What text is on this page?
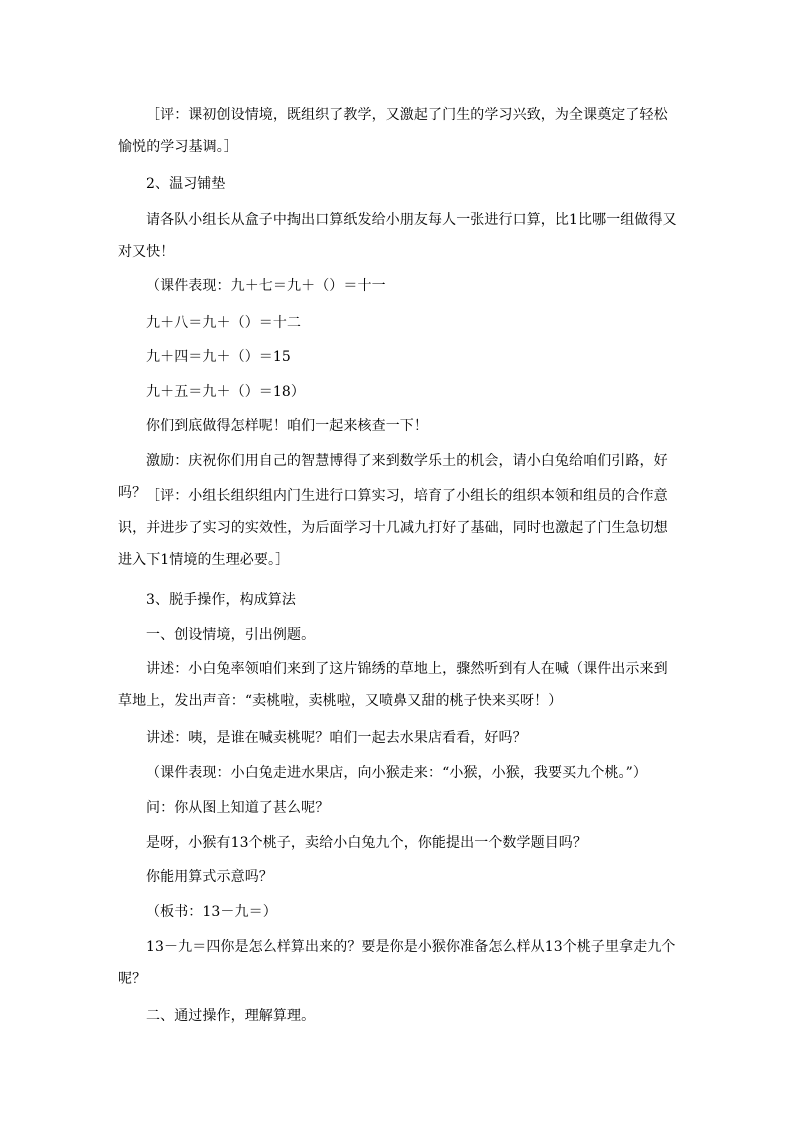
［评：课初创设情境，既组织了教学，又激起了门生的学习兴致，为全课奠定了轻松愉悦的学习基调。］

2、温习铺垫

请各队小组长从盒子中掏出口算纸发给小朋友每人一张进行口算，比1比哪一组做得又对又快！

（课件表现：九＋七＝九＋（）＝十一

九＋八＝九＋（）＝十二

九＋四＝九＋（）＝15

九＋五＝九＋（）＝18）

你们到底做得怎样呢！咱们一起来核查一下！

激励：庆祝你们用自己的智慧博得了来到数学乐土的机会，请小白兔给咱们引路，好吗？ ［评：小组长组织组内门生进行口算实习，培育了小组长的组织本领和组员的合作意识，并进步了实习的实效性，为后面学习十几减九打好了基础，同时也激起了门生急切想进入下1情境的生理必要。］

3、脱手操作，构成算法

一、创设情境，引出例题。

讲述：小白兔率领咱们来到了这片锦绣的草地上，骤然听到有人在喊（课件出示来到草地上，发出声音：“卖桃啦，卖桃啦，又喷鼻又甜的桃子快来买呀！）

讲述：咦，是谁在喊卖桃呢？咱们一起去水果店看看，好吗？

（课件表现：小白兔走进水果店，向小猴走来：“小猴，小猴，我要买九个桃。”）

问：你从图上知道了甚么呢？

是呀，小猴有13个桃子，卖给小白兔九个，你能提出一个数学题目吗？

你能用算式示意吗？

（板书：13－九＝）

13－九＝四你是怎么样算出来的？要是你是小猴你准备怎么样从13个桃子里拿走九个呢？

二、通过操作，理解算理。
